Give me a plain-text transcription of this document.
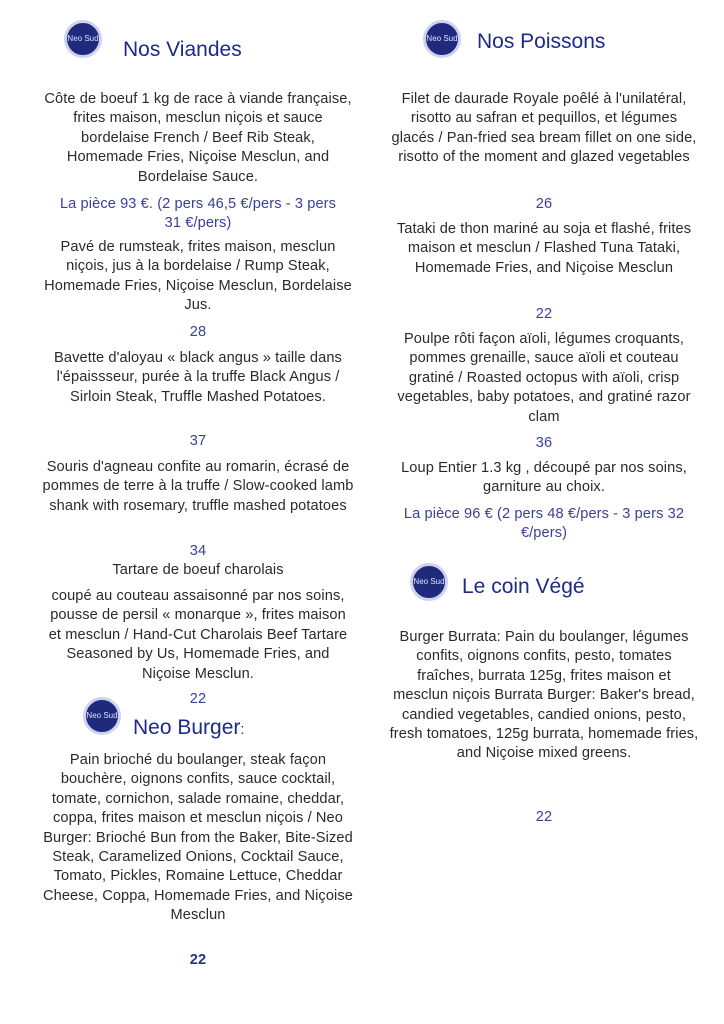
Neo Sud Nos Viandes
Côte de boeuf 1 kg de race à viande française, frites maison, mesclun niçois et sauce bordelaise French / Beef Rib Steak, Homemade Fries, Niçoise Mesclun, and Bordelaise Sauce.
La pièce 93 €. (2 pers 46,5 €/pers - 3 pers 31 €/pers)
Pavé de rumsteak, frites maison, mesclun niçois, jus à la bordelaise / Rump Steak, Homemade Fries, Niçoise Mesclun, Bordelaise Jus.
28
Bavette d'aloyau « black angus » taille dans l'épaissseur, purée à la truffe Black Angus / Sirloin Steak, Truffle Mashed Potatoes.
37
Souris d'agneau confite au romarin, écrasé de pommes de terre à la truffe / Slow-cooked lamb shank with rosemary, truffle mashed potatoes
34
Tartare de boeuf charolais
coupé au couteau assaisonné par nos soins, pousse de persil « monarque », frites maison et mesclun / Hand-Cut Charolais Beef Tartare Seasoned by Us, Homemade Fries, and Niçoise Mesclun.
22
Neo Sud
Neo Burger:
Pain brioché du boulanger, steak façon bouchère, oignons confits, sauce cocktail, tomate, cornichon, salade romaine, cheddar, coppa, frites maison et mesclun niçois / Neo Burger: Brioché Bun from the Baker, Bite-Sized Steak, Caramelized Onions, Cocktail Sauce, Tomato, Pickles, Romaine Lettuce, Cheddar Cheese, Coppa, Homemade Fries, and Niçoise Mesclun
22
Neo Sud Nos Poissons
Filet de daurade Royale poêlé à l'unilatéral, risotto au safran et pequillos, et légumes glacés / Pan-fried sea bream fillet on one side, risotto of the moment and glazed vegetables
26
Tataki de thon mariné au soja et flashé, frites maison et mesclun / Flashed Tuna Tataki, Homemade Fries, and Niçoise Mesclun
22
Poulpe rôti façon aïoli, légumes croquants, pommes grenaille, sauce aïoli et couteau gratiné / Roasted octopus with aïoli, crisp vegetables, baby potatoes, and gratiné razor clam
36
Loup Entier 1.3 kg , découpé par nos soins, garniture au choix.
La pièce 96 € (2 pers 48 €/pers - 3 pers 32 €/pers)
Neo Sud Le coin Végé
Burger Burrata: Pain du boulanger, légumes confits, oignons confits, pesto, tomates fraîches, burrata 125g, frites maison et mesclun niçois Burrata Burger: Baker's bread, candied vegetables, candied onions, pesto, fresh tomatoes, 125g burrata, homemade fries, and Niçoise mixed greens.
22
